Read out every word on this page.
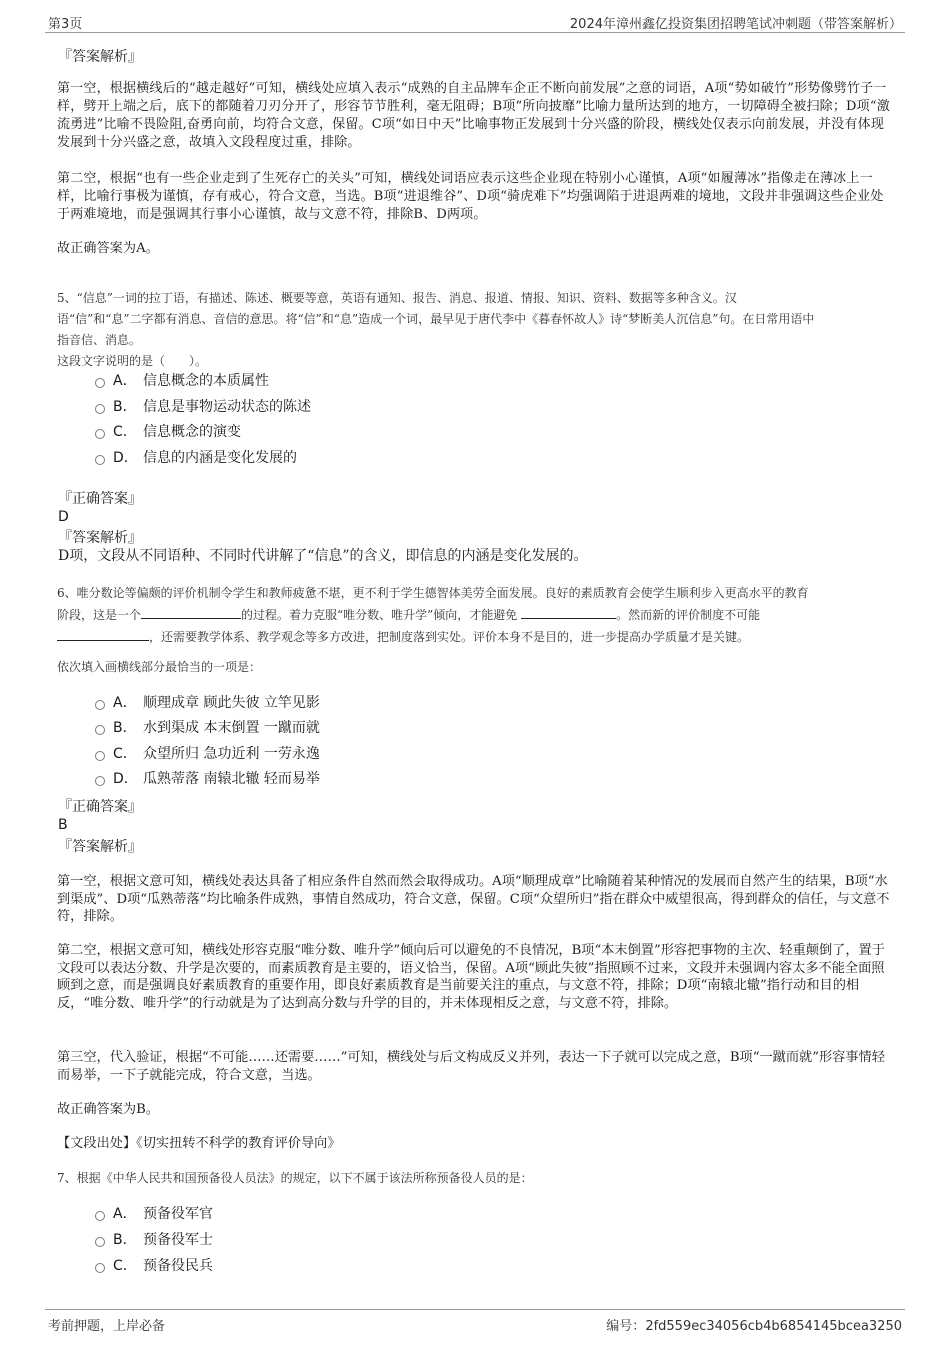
第3页	2024年漳州鑫亿投资集团招聘笔试冲刺题（带答案解析）
『答案解析』
第一空，根据横线后的“越走越好”可知，横线处应填入表示“成熟的自主品牌车企正不断向前发展”之意的词语，A项“势如破竹”形势像劈竹子一样，劈开上端之后，底下的都随着刀刃分开了，形容节节胜利，毫无阻碍；B项“所向披靡”比喻力量所达到的地方，一切障碍全被扫除；D项“激流勇进”比喻不畏险阻,奋勇向前，均符合文意，保留。C项“如日中天”比喻事物正发展到十分兴盛的阶段，横线处仅表示向前发展，并没有体现发展到十分兴盛之意，故填入文段程度过重，排除。
第二空，根据“也有一些企业走到了生死存亡的关头”可知，横线处词语应表示这些企业现在特别小心谨慎，A项“如履薄冰”指像走在薄冰上一样，比喻行事极为谨慎，存有戒心，符合文意，当选。B项“进退维谷”、D项“骑虎难下”均强调陷于进退两难的境地，文段并非强调这些企业处于两难境地，而是强调其行事小心谨慎，故与文意不符，排除B、D两项。
故正确答案为A。
5、“信息”一词的拉丁语，有描述、陈述、概要等意，英语有通知、报告、消息、报道、情报、知识、资料、数据等多种含义。汉
语“信”和“息”二字都有消息、音信的意思。将“信”和“息”造成一个词，最早见于唐代李中《暮春怀故人》诗“梦断美人沉信息”句。在日常用语中
指音信、消息。
这段文字说明的是（　　）。
A． 信息概念的本质属性
B． 信息是事物运动状态的陈述
C． 信息概念的演变
D． 信息的内涵是变化发展的
『正确答案』
D
『答案解析』
D项，文段从不同语种、不同时代讲解了“信息”的含义，即信息的内涵是变化发展的。
6、唯分数论等偏颇的评价机制令学生和教师疲惫不堪，更不利于学生德智体美劳全面发展。良好的素质教育会使学生顺利步入更高水平的教育
阶段，这是一个	的过程。着力克服“唯分数、唯升学”倾向，才能避免	。然而新的评价制度不可能
，还需要教学体系、教学观念等多方改进，把制度落到实处。评价本身不是目的，进一步提高办学质量才是关键。
依次填入画横线部分最恰当的一项是：
A． 顺理成章 顾此失彼 立竿见影
B． 水到渠成 本末倒置 一蹴而就
C． 众望所归 急功近利 一劳永逸
D． 瓜熟蒂落 南辕北辙 轻而易举
『正确答案』
B
『答案解析』
第一空，根据文意可知，横线处表达具备了相应条件自然而然会取得成功。A项“顺理成章”比喻随着某种情况的发展而自然产生的结果，B项“水到渠成”、D项“瓜熟蒂落”均比喻条件成熟，事情自然成功，符合文意，保留。C项“众望所归”指在群众中威望很高，得到群众的信任，与文意不符，排除。
第二空，根据文意可知，横线处形容克服“唯分数、唯升学”倾向后可以避免的不良情况，B项“本末倒置”形容把事物的主次、轻重颠倒了，置于文段可以表达分数、升学是次要的，而素质教育是主要的，语义恰当，保留。A项“顾此失彼”指照顾不过来，文段并未强调内容太多不能全面照顾到之意，而是强调良好素质教育的重要作用，即良好素质教育是当前要关注的重点，与文意不符，排除；D项“南辕北辙”指行动和目的相反，“唯分数、唯升学”的行动就是为了达到高分数与升学的目的，并未体现相反之意，与文意不符，排除。
第三空，代入验证，根据“不可能……还需要……”可知，横线处与后文构成反义并列，表达一下子就可以完成之意，B项“一蹴而就”形容事情轻而易举，一下子就能完成，符合文意，当选。
故正确答案为B。
【文段出处】《切实扭转不科学的教育评价导向》
7、根据《中华人民共和国预备役人员法》的规定，以下不属于该法所称预备役人员的是：
A． 预备役军官
B． 预备役军士
C． 预备役民兵
考前押题，上岸必备	编号：2fd559ec34056cb4b6854145bcea3250
